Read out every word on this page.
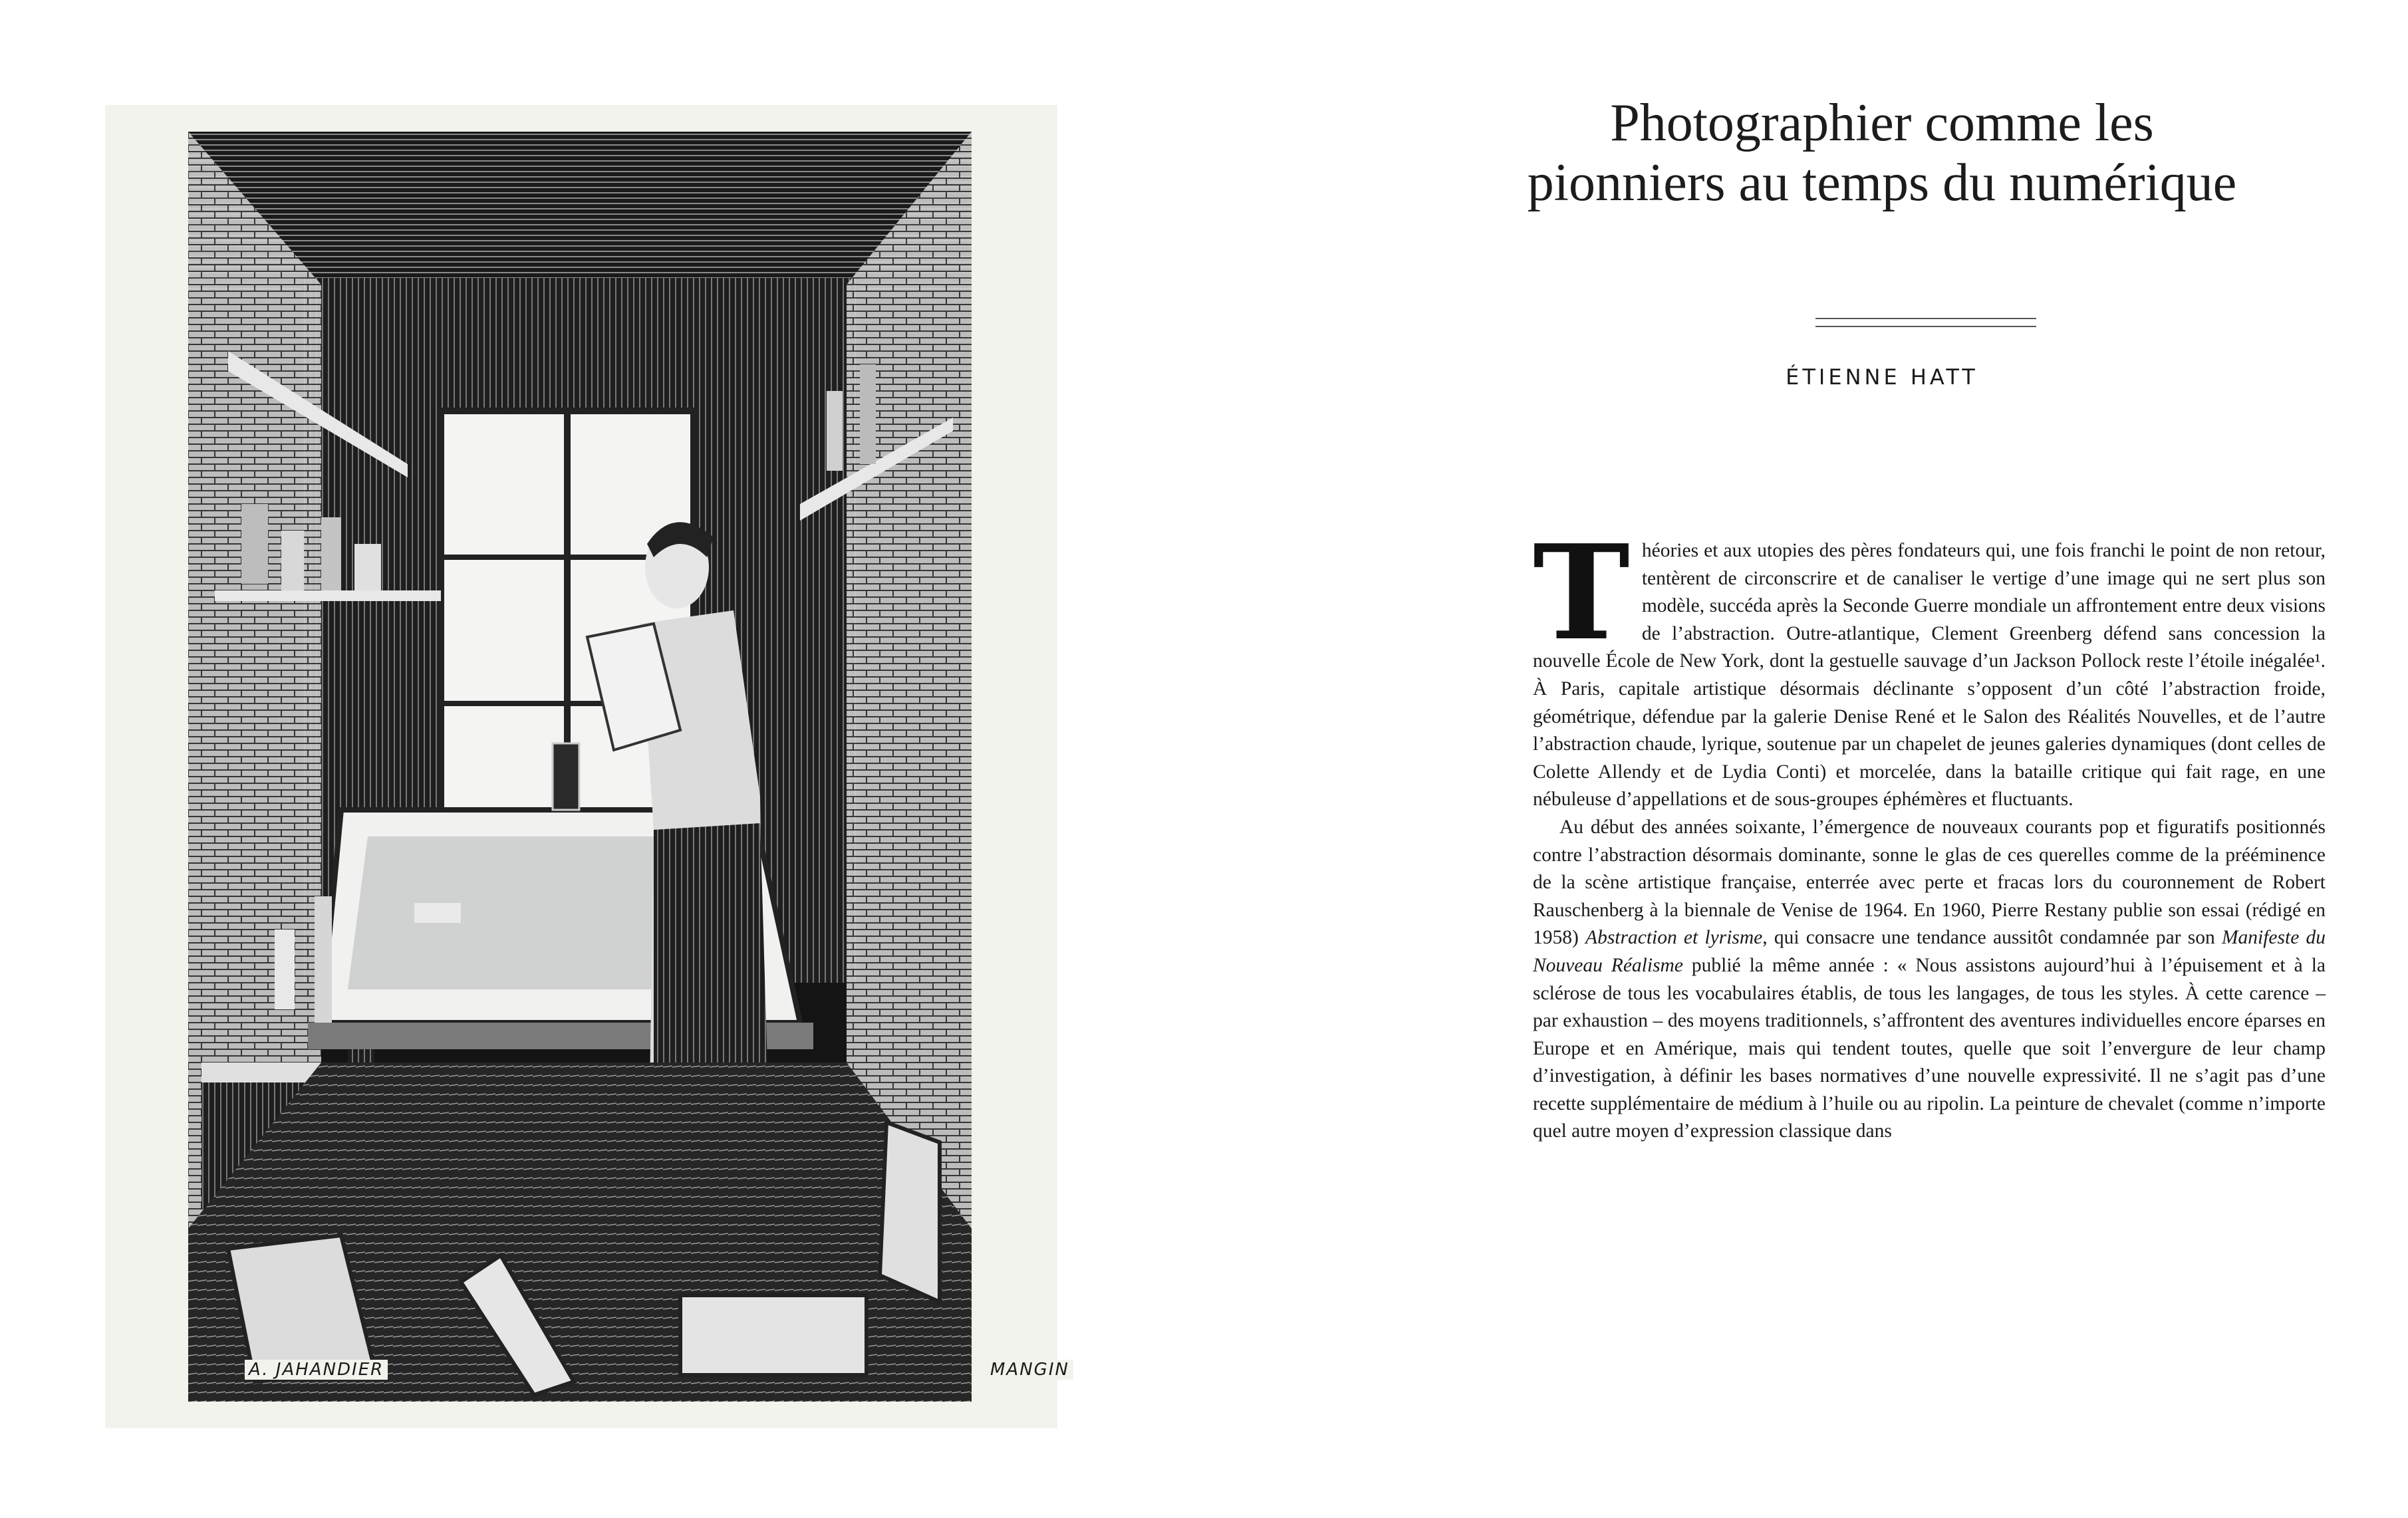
A. JAHANDIER	MANGIN
Photographier comme les pionniers au temps du numérique
ÉTIENNE HATT

Théories et aux utopies des pères fondateurs qui, une fois franchi le point de non retour, tentèrent de circonscrire et de canaliser le vertige d’une image qui ne sert plus son modèle, succéda après la Seconde Guerre mondiale un affrontement entre deux visions de l’abstraction. Outre-atlantique, Clement Greenberg défend sans concession la nouvelle École de New York, dont la gestuelle sauvage d’un Jackson Pollock reste l’étoile inégalée¹. À Paris, capitale artistique désormais déclinante s’opposent d’un côté l’abstraction froide, géométrique, défendue par la galerie Denise René et le Salon des Réalités Nouvelles, et de l’autre l’abstraction chaude, lyrique, soutenue par un chapelet de jeunes galeries dynamiques (dont celles de Colette Allendy et de Lydia Conti) et morcelée, dans la bataille critique qui fait rage, en une nébuleuse d’appellations et de sous-groupes éphémères et fluctuants.

Au début des années soixante, l’émergence de nouveaux courants pop et figuratifs positionnés contre l’abstraction désormais dominante, sonne le glas de ces querelles comme de la prééminence de la scène artistique française, enterrée avec perte et fracas lors du couronnement de Robert Rauschenberg à la biennale de Venise de 1964. En 1960, Pierre Restany publie son essai (rédigé en 1958) Abstraction et lyrisme, qui consacre une tendance aussitôt condamnée par son Manifeste du Nouveau Réalisme publié la même année : « Nous assistons aujourd’hui à l’épuisement et à la sclérose de tous les vocabulaires établis, de tous les langages, de tous les styles. À cette carence – par exhaustion – des moyens traditionnels, s’affrontent des aventures individuelles encore éparses en Europe et en Amérique, mais qui tendent toutes, quelle que soit l’envergure de leur champ d’investigation, à définir les bases normatives d’une nouvelle expressivité. Il ne s’agit pas d’une recette supplémentaire de médium à l’huile ou au ripolin. La peinture de chevalet (comme n’importe quel autre moyen d’expression classique dans
